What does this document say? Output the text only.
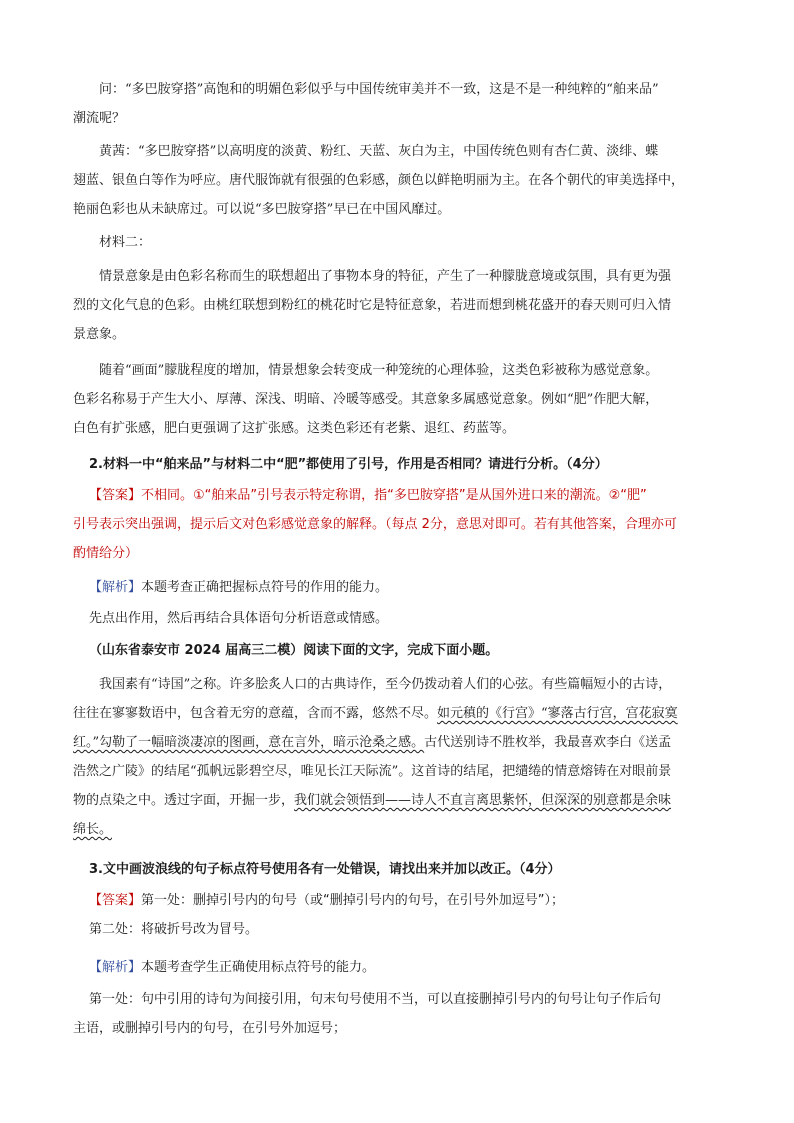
问：“多巴胺穿搭”高饱和的明媚色彩似乎与中国传统审美并不一致，这是不是一种纯粹的“舶来品”
潮流呢？

黄茜：“多巴胺穿搭”以高明度的淡黄、粉红、天蓝、灰白为主，中国传统色则有杏仁黄、淡绯、蝶
翅蓝、银鱼白等作为呼应。唐代服饰就有很强的色彩感，颜色以鲜艳明丽为主。在各个朝代的审美选择中，
艳丽色彩也从未缺席过。可以说“多巴胺穿搭”早已在中国风靡过。

材料二：

情景意象是由色彩名称而生的联想超出了事物本身的特征，产生了一种朦胧意境或氛围，具有更为强
烈的文化气息的色彩。由桃红联想到粉红的桃花时它是特征意象，若进而想到桃花盛开的春天则可归入情
景意象。

随着“画面”朦胧程度的增加，情景想象会转变成一种笼统的心理体验，这类色彩被称为感觉意象。
色彩名称易于产生大小、厚薄、深浅、明暗、冷暖等感受。其意象多属感觉意象。例如“肥”作肥大解，
白色有扩张感，肥白更强调了这扩张感。这类色彩还有老紫、退红、药蓝等。

2.材料一中“舶来品”与材料二中“肥”都使用了引号，作用是否相同？请进行分析。（4分）

【答案】不相同。①“舶来品”引号表示特定称谓，指“多巴胺穿搭”是从国外进口来的潮流。②“肥”
引号表示突出强调，提示后文对色彩感觉意象的解释。（每点 2分，意思对即可。若有其他答案，合理亦可
酌情给分）

【解析】本题考查正确把握标点符号的作用的能力。

先点出作用，然后再结合具体语句分析语意或情感。

（山东省泰安市 2024 届高三二模）阅读下面的文字，完成下面小题。

我国素有“诗国”之称。许多脍炙人口的古典诗作，至今仍拨动着人们的心弦。有些篇幅短小的古诗，
往往在寥寥数语中，包含着无穷的意蕴，含而不露，悠然不尽。如元稹的《行宫》“寥落古行宫，宫花寂寞
红。”勾勒了一幅暗淡凄凉的图画，意在言外，暗示沧桑之感。古代送别诗不胜枚举，我最喜欢李白《送孟
浩然之广陵》的结尾“孤帆远影碧空尽，唯见长江天际流”。这首诗的结尾，把缱绻的情意熔铸在对眼前景
物的点染之中。透过字面，开掘一步，我们就会领悟到——诗人不直言离思紫怀，但深深的别意都是余味
绵长。

3.文中画波浪线的句子标点符号使用各有一处错误，请找出来并加以改正。（4分）

【答案】第一处：删掉引号内的句号（或“删掉引号内的句号，在引号外加逗号”）；
第二处：将破折号改为冒号。

【解析】本题考查学生正确使用标点符号的能力。

第一处：句中引用的诗句为间接引用，句末句号使用不当，可以直接删掉引号内的句号让句子作后句
主语，或删掉引号内的句号，在引号外加逗号；
